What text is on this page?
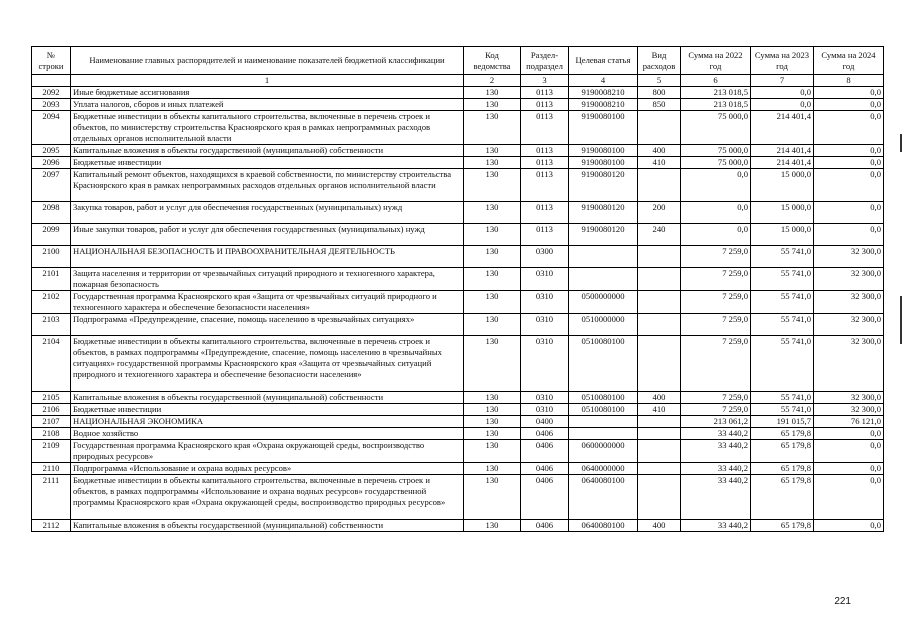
№ строки	Наименование главных распорядителей и наименование показателей бюджетной классификации	Код ведомства	Раздел-подраздел	Целевая статья	Вид расходов	Сумма на 2022 год	Сумма на 2023 год	Сумма на 2024 год
	1	2	3	4	5	6	7	8
2092	Иные бюджетные ассигнования	130	0113	9190008210	800	213 018,5	0,0	0,0
2093	Уплата налогов, сборов и иных платежей	130	0113	9190008210	850	213 018,5	0,0	0,0
2094	Бюджетные инвестиции в объекты капитального строительства, включенные в перечень строек и объектов, по министерству строительства Красноярского края в рамках непрограммных расходов отдельных органов исполнительной власти	130	0113	9190080100		75 000,0	214 401,4	0,0
2095	Капитальные вложения в объекты государственной (муниципальной) собственности	130	0113	9190080100	400	75 000,0	214 401,4	0,0
2096	Бюджетные инвестиции	130	0113	9190080100	410	75 000,0	214 401,4	0,0
2097	Капитальный ремонт объектов, находящихся в краевой собственности, по министерству строительства Красноярского края в рамках непрограммных расходов отдельных органов исполнительной власти	130	0113	9190080120		0,0	15 000,0	0,0
2098	Закупка товаров, работ и услуг для обеспечения государственных (муниципальных) нужд	130	0113	9190080120	200	0,0	15 000,0	0,0
2099	Иные закупки товаров, работ и услуг для обеспечения государственных (муниципальных) нужд	130	0113	9190080120	240	0,0	15 000,0	0,0
2100	НАЦИОНАЛЬНАЯ БЕЗОПАСНОСТЬ И ПРАВООХРАНИТЕЛЬНАЯ ДЕЯТЕЛЬНОСТЬ	130	0300			7 259,0	55 741,0	32 300,0
2101	Защита населения и территории от чрезвычайных ситуаций природного и техногенного характера, пожарная безопасность	130	0310			7 259,0	55 741,0	32 300,0
2102	Государственная программа Красноярского края «Защита от чрезвычайных ситуаций природного и техногенного характера и обеспечение безопасности населения»	130	0310	0500000000		7 259,0	55 741,0	32 300,0
2103	Подпрограмма «Предупреждение, спасение, помощь населению в чрезвычайных ситуациях»	130	0310	0510000000		7 259,0	55 741,0	32 300,0
2104	Бюджетные инвестиции в объекты капитального строительства, включенные в перечень строек и объектов, в рамках подпрограммы «Предупреждение, спасение, помощь населению в чрезвычайных ситуациях» государственной программы Красноярского края «Защита от чрезвычайных ситуаций природного и техногенного характера и обеспечение безопасности населения»	130	0310	0510080100		7 259,0	55 741,0	32 300,0
2105	Капитальные вложения в объекты государственной (муниципальной) собственности	130	0310	0510080100	400	7 259,0	55 741,0	32 300,0
2106	Бюджетные инвестиции	130	0310	0510080100	410	7 259,0	55 741,0	32 300,0
2107	НАЦИОНАЛЬНАЯ ЭКОНОМИКА	130	0400			213 061,2	191 015,7	76 121,0
2108	Водное хозяйство	130	0406			33 440,2	65 179,8	0,0
2109	Государственная программа Красноярского края «Охрана окружающей среды, воспроизводство природных ресурсов»	130	0406	0600000000		33 440,2	65 179,8	0,0
2110	Подпрограмма «Использование и охрана водных ресурсов»	130	0406	0640000000		33 440,2	65 179,8	0,0
2111	Бюджетные инвестиции в объекты капитального строительства, включенные в перечень строек и объектов, в рамках подпрограммы «Использование и охрана водных ресурсов» государственной программы Красноярского края «Охрана окружающей среды, воспроизводство природных ресурсов»	130	0406	0640080100		33 440,2	65 179,8	0,0
2112	Капитальные вложения в объекты государственной (муниципальной) собственности	130	0406	0640080100	400	33 440,2	65 179,8	0,0
221
